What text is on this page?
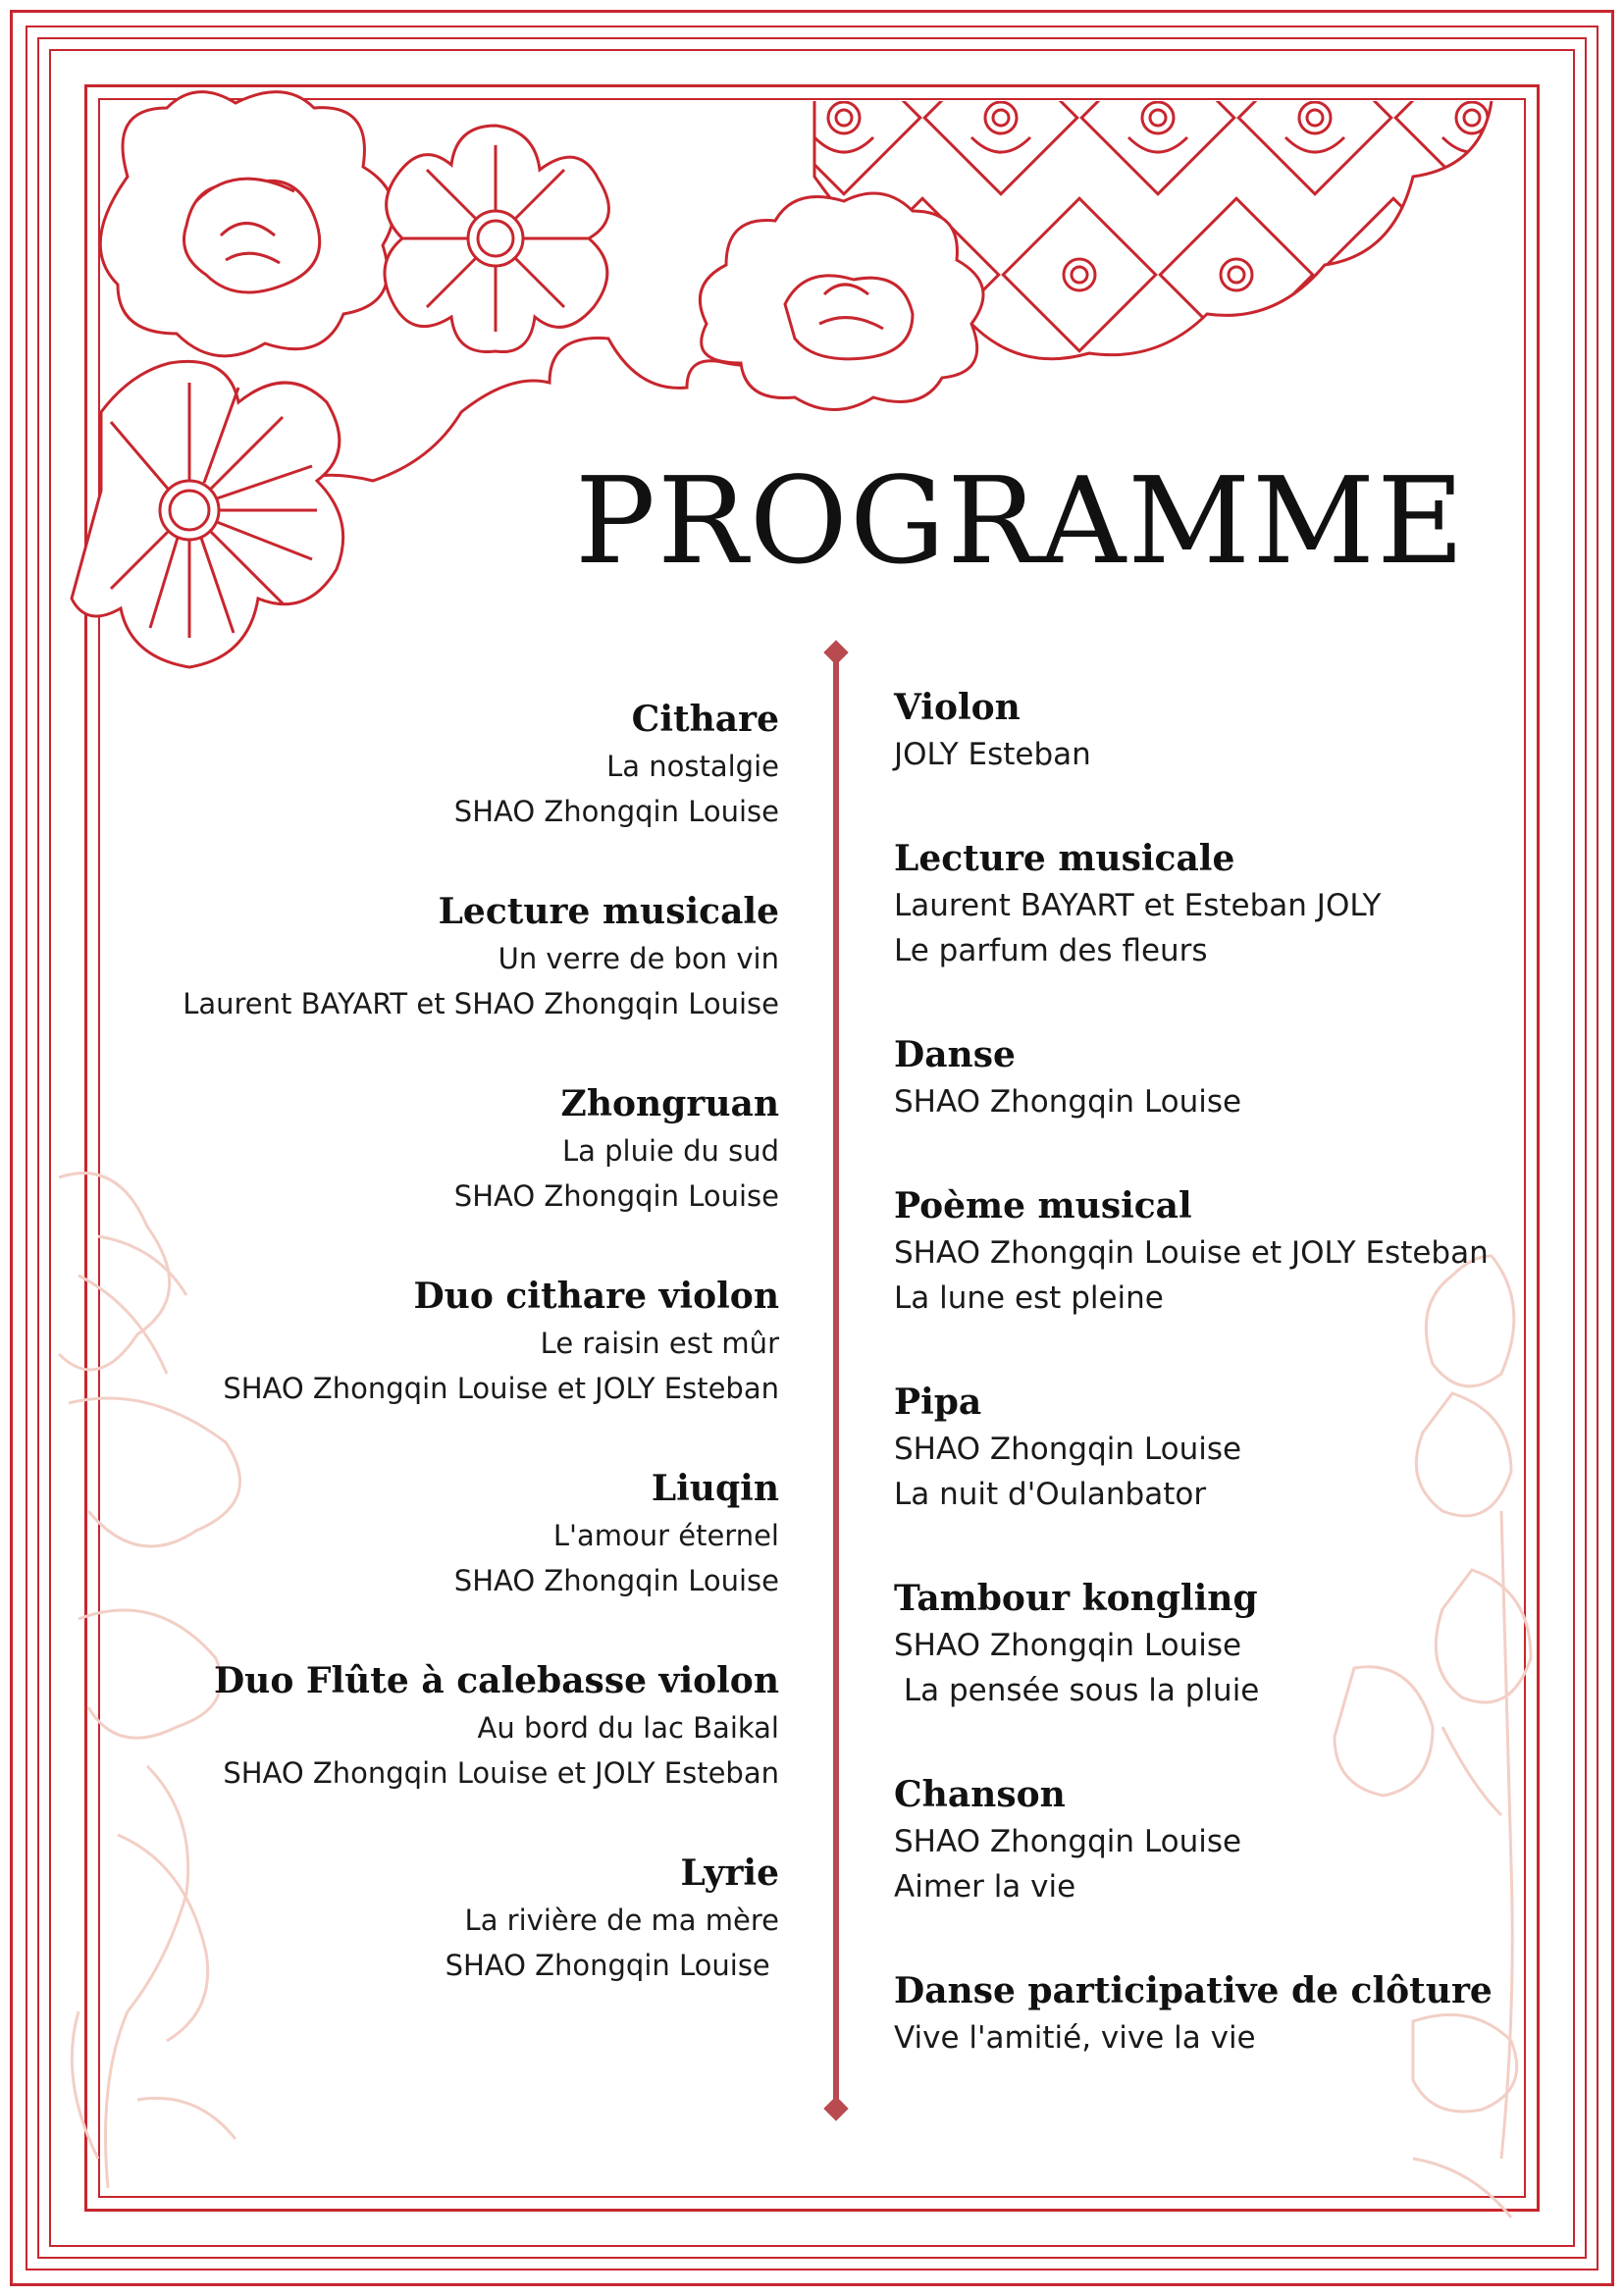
PROGRAMME
Cithare
La nostalgie
SHAO Zhongqin Louise
Lecture musicale
Un verre de bon vin
Laurent BAYART et SHAO Zhongqin Louise
Zhongruan
La pluie du sud
SHAO Zhongqin Louise
Duo cithare violon
Le raisin est mûr
SHAO Zhongqin Louise et JOLY Esteban
Liuqin
L'amour éternel
SHAO Zhongqin Louise
Duo Flûte à calebasse violon
Au bord du lac Baikal
SHAO Zhongqin Louise et JOLY Esteban
Lyrie
La rivière de ma mère
SHAO Zhongqin Louise
Violon
JOLY Esteban
Lecture musicale
Laurent BAYART et Esteban JOLY
Le parfum des fleurs
Danse
SHAO Zhongqin Louise
Poème musical
SHAO Zhongqin Louise et JOLY Esteban
La lune est pleine
Pipa
SHAO Zhongqin Louise
La nuit d'Oulanbator
Tambour kongling
SHAO Zhongqin Louise
La pensée sous la pluie
Chanson
SHAO Zhongqin Louise
Aimer la vie
Danse participative de clôture
Vive l'amitié, vive la vie
